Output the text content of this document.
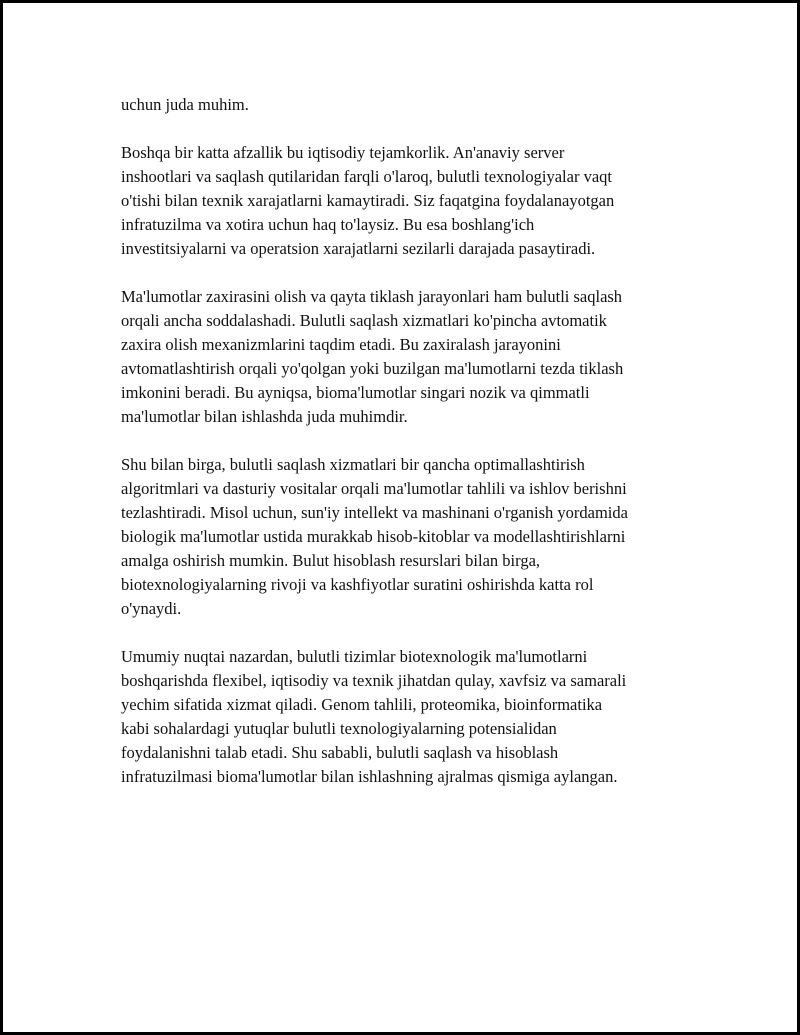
uchun juda muhim.

Boshqa bir katta afzallik bu iqtisodiy tejamkorlik. An'anaviy server
inshootlari va saqlash qutilaridan farqli o'laroq, bulutli texnologiyalar vaqt
o'tishi bilan texnik xarajatlarni kamaytiradi. Siz faqatgina foydalanayotgan
infratuzilma va xotira uchun haq to'laysiz. Bu esa boshlang'ich
investitsiyalarni va operatsion xarajatlarni sezilarli darajada pasaytiradi.

Ma'lumotlar zaxirasini olish va qayta tiklash jarayonlari ham bulutli saqlash
orqali ancha soddalashadi. Bulutli saqlash xizmatlari ko'pincha avtomatik
zaxira olish mexanizmlarini taqdim etadi. Bu zaxiralash jarayonini
avtomatlashtirish orqali yo'qolgan yoki buzilgan ma'lumotlarni tezda tiklash
imkonini beradi. Bu ayniqsa, bioma'lumotlar singari nozik va qimmatli
ma'lumotlar bilan ishlashda juda muhimdir.

Shu bilan birga, bulutli saqlash xizmatlari bir qancha optimallashtirish
algoritmlari va dasturiy vositalar orqali ma'lumotlar tahlili va ishlov berishni
tezlashtiradi. Misol uchun, sun'iy intellekt va mashinani o'rganish yordamida
biologik ma'lumotlar ustida murakkab hisob-kitoblar va modellashtirishlarni
amalga oshirish mumkin. Bulut hisoblash resurslari bilan birga,
biotexnologiyalarning rivoji va kashfiyotlar suratini oshirishda katta rol
o'ynaydi.

Umumiy nuqtai nazardan, bulutli tizimlar biotexnologik ma'lumotlarni
boshqarishda flexibel, iqtisodiy va texnik jihatdan qulay, xavfsiz va samarali
yechim sifatida xizmat qiladi. Genom tahlili, proteomika, bioinformatika
kabi sohalardagi yutuqlar bulutli texnologiyalarning potensialidan
foydalanishni talab etadi. Shu sababli, bulutli saqlash va hisoblash
infratuzilmasi bioma'lumotlar bilan ishlashning ajralmas qismiga aylangan.
